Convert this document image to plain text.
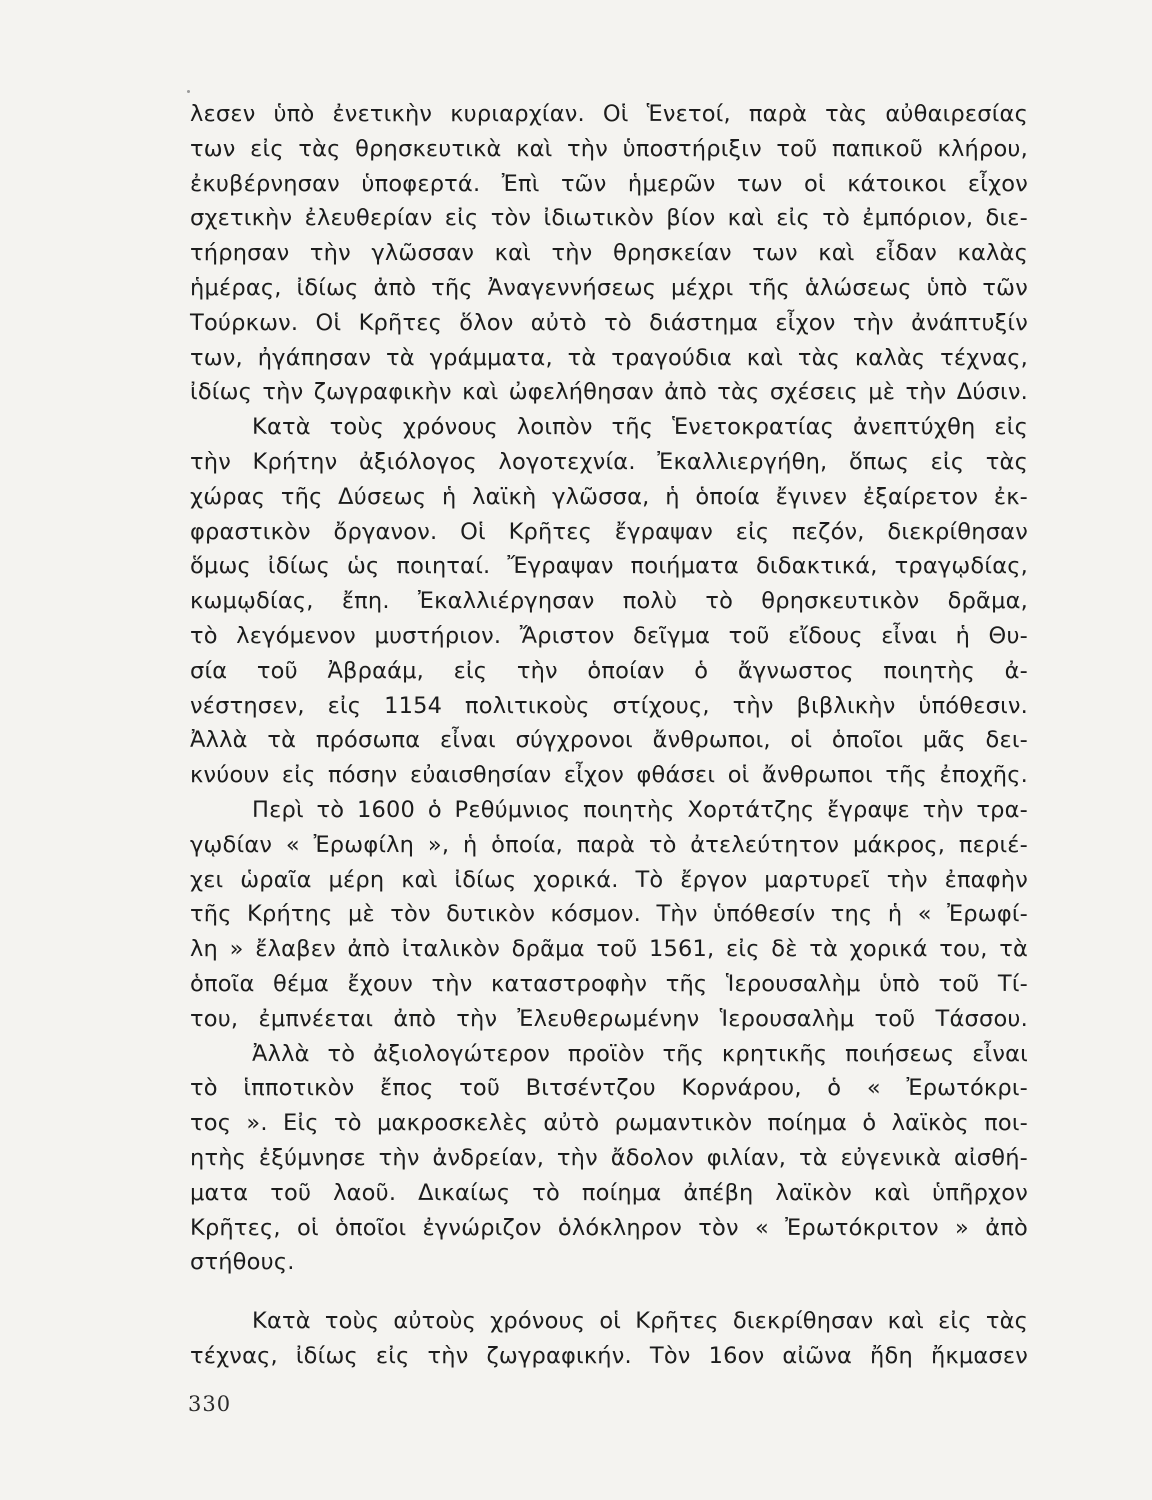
λεσεν ὑπὸ ἐνετικὴν κυριαρχίαν. Οἱ Ἑνετοί, παρὰ τὰς αὐθαιρεσίας
των εἰς τὰς θρησκευτικὰ καὶ τὴν ὑποστήριξιν τοῦ παπικοῦ κλήρου,
ἐκυβέρνησαν ὑποφερτά. Ἐπὶ τῶν ἡμερῶν των οἱ κάτοικοι εἶχον
σχετικὴν ἐλευθερίαν εἰς τὸν ἰδιωτικὸν βίον καὶ εἰς τὸ ἐμπόριον, διε-
τήρησαν τὴν γλῶσσαν καὶ τὴν θρησκείαν των καὶ εἶδαν καλὰς
ἡμέρας, ἰδίως ἀπὸ τῆς Ἀναγεννήσεως μέχρι τῆς ἁλώσεως ὑπὸ τῶν
Τούρκων. Οἱ Κρῆτες ὅλον αὐτὸ τὸ διάστημα εἶχον τὴν ἀνάπτυξίν
των, ἠγάπησαν τὰ γράμματα, τὰ τραγούδια καὶ τὰς καλὰς τέχνας,
ἰδίως τὴν ζωγραφικὴν καὶ ὠφελήθησαν ἀπὸ τὰς σχέσεις μὲ τὴν Δύσιν.
Κατὰ τοὺς χρόνους λοιπὸν τῆς Ἑνετοκρατίας ἀνεπτύχθη εἰς
τὴν Κρήτην ἀξιόλογος λογοτεχνία. Ἐκαλλιεργήθη, ὅπως εἰς τὰς
χώρας τῆς Δύσεως ἡ λαϊκὴ γλῶσσα, ἡ ὁποία ἔγινεν ἐξαίρετον ἐκ-
φραστικὸν ὄργανον. Οἱ Κρῆτες ἔγραψαν εἰς πεζόν, διεκρίθησαν
ὅμως ἰδίως ὡς ποιηταί. Ἔγραψαν ποιήματα διδακτικά, τραγῳδίας,
κωμῳδίας, ἔπη. Ἐκαλλιέργησαν πολὺ τὸ θρησκευτικὸν δρᾶμα,
τὸ λεγόμενον μυστήριον. Ἄριστον δεῖγμα τοῦ εἴδους εἶναι ἡ Θυ-
σία τοῦ Ἀβραάμ, εἰς τὴν ὁποίαν ὁ ἄγνωστος ποιητὴς ἀ-
νέστησεν, εἰς 1154 πολιτικοὺς στίχους, τὴν βιβλικὴν ὑπόθεσιν.
Ἀλλὰ τὰ πρόσωπα εἶναι σύγχρονοι ἄνθρωποι, οἱ ὁποῖοι μᾶς δει-
κνύουν εἰς πόσην εὐαισθησίαν εἶχον φθάσει οἱ ἄνθρωποι τῆς ἐποχῆς.
Περὶ τὸ 1600 ὁ Ρεθύμνιος ποιητὴς Χορτάτζης ἔγραψε τὴν τρα-
γῳδίαν « Ἐρωφίλη », ἡ ὁποία, παρὰ τὸ ἀτελεύτητον μάκρος, περιέ-
χει ὡραῖα μέρη καὶ ἰδίως χορικά. Τὸ ἔργον μαρτυρεῖ τὴν ἐπαφὴν
τῆς Κρήτης μὲ τὸν δυτικὸν κόσμον. Τὴν ὑπόθεσίν της ἡ « Ἐρωφί-
λη » ἔλαβεν ἀπὸ ἰταλικὸν δρᾶμα τοῦ 1561, εἰς δὲ τὰ χορικά του, τὰ
ὁποῖα θέμα ἔχουν τὴν καταστροφὴν τῆς Ἱερουσαλὴμ ὑπὸ τοῦ Τί-
του, ἐμπνέεται ἀπὸ τὴν Ἐλευθερωμένην Ἱερουσαλὴμ τοῦ Τάσσου.
Ἀλλὰ τὸ ἀξιολογώτερον προϊὸν τῆς κρητικῆς ποιήσεως εἶναι
τὸ ἱπποτικὸν ἔπος τοῦ Βιτσέντζου Κορνάρου, ὁ « Ἐρωτόκρι-
τος ». Εἰς τὸ μακροσκελὲς αὐτὸ ρωμαντικὸν ποίημα ὁ λαϊκὸς ποι-
ητὴς ἐξύμνησε τὴν ἀνδρείαν, τὴν ἄδολον φιλίαν, τὰ εὐγενικὰ αἰσθή-
ματα τοῦ λαοῦ. Δικαίως τὸ ποίημα ἀπέβη λαϊκὸν καὶ ὑπῆρχον
Κρῆτες, οἱ ὁποῖοι ἐγνώριζον ὁλόκληρον τὸν « Ἐρωτόκριτον » ἀπὸ
στήθους.
Κατὰ τοὺς αὐτοὺς χρόνους οἱ Κρῆτες διεκρίθησαν καὶ εἰς τὰς
τέχνας, ἰδίως εἰς τὴν ζωγραφικήν. Τὸν 16ον αἰῶνα ἤδη ἤκμασεν
330
